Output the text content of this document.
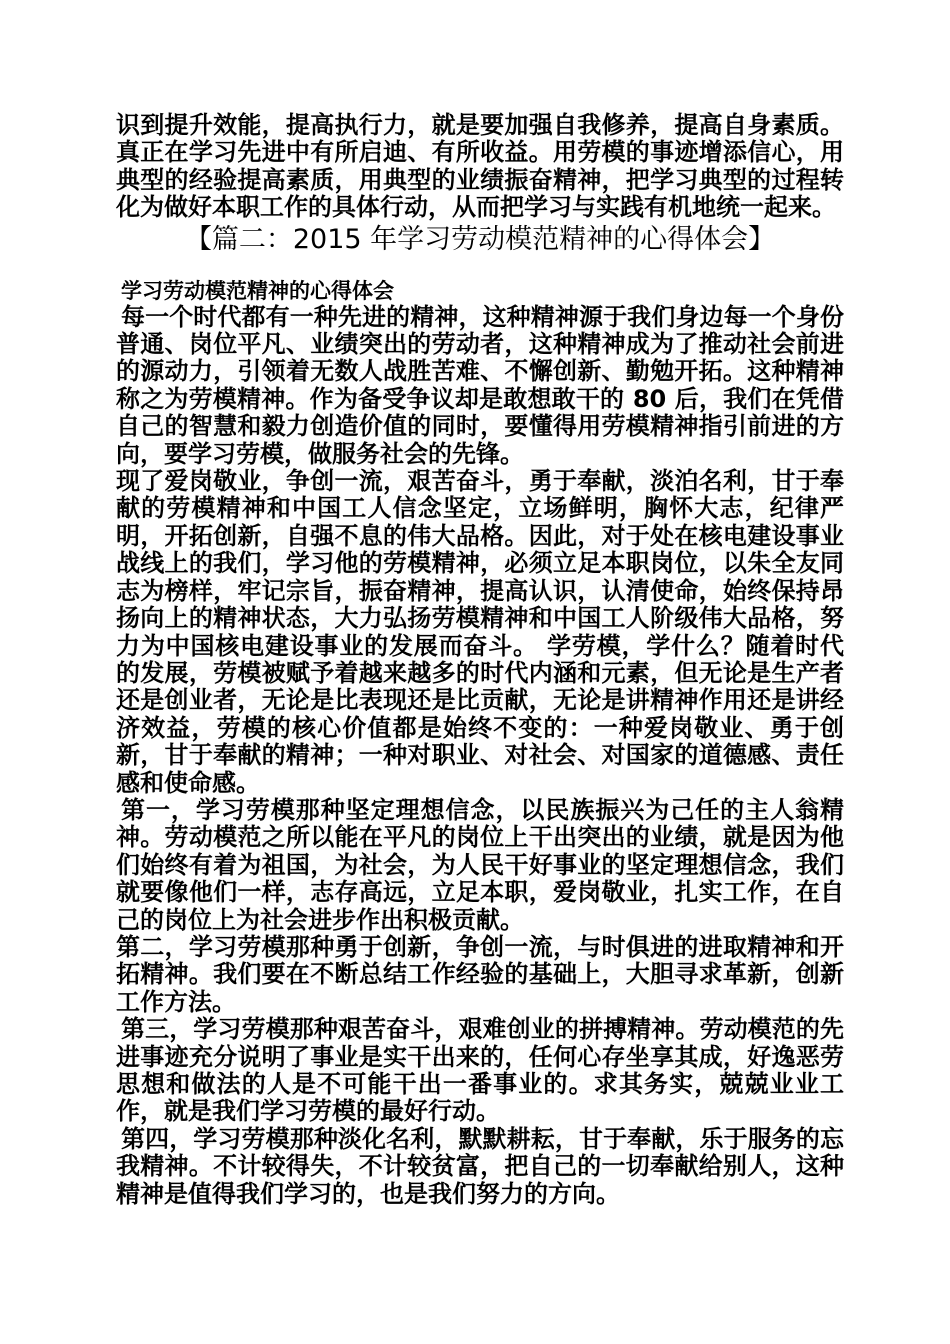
识到提升效能，提高执行力，就是要加强自我修养，提高自身素质。真正在学习先进中有所启迪、有所收益。用劳模的事迹增添信心，用典型的经验提高素质，用典型的业绩振奋精神，把学习典型的过程转化为做好本职工作的具体行动，从而把学习与实践有机地统一起来。

【篇二：2015 年学习劳动模范精神的心得体会】
学习劳动模范精神的心得体会

每一个时代都有一种先进的精神，这种精神源于我们身边每一个身份普通、岗位平凡、业绩突出的劳动者，这种精神成为了推动社会前进的源动力，引领着无数人战胜苦难、不懈创新、勤勉开拓。这种精神称之为劳模精神。作为备受争议却是敢想敢干的 80 后，我们在凭借自己的智慧和毅力创造价值的同时，要懂得用劳模精神指引前进的方向，要学习劳模，做服务社会的先锋。

现了爱岗敬业，争创一流，艰苦奋斗，勇于奉献，淡泊名利，甘于奉献的劳模精神和中国工人信念坚定，立场鲜明，胸怀大志，纪律严明，开拓创新，自强不息的伟大品格。因此，对于处在核电建设事业战线上的我们，学习他的劳模精神，必须立足本职岗位，以朱全友同志为榜样，牢记宗旨，振奋精神，提高认识，认清使命，始终保持昂扬向上的精神状态，大力弘扬劳模精神和中国工人阶级伟大品格，努力为中国核电建设事业的发展而奋斗。 学劳模，学什么？随着时代的发展，劳模被赋予着越来越多的时代内涵和元素，但无论是生产者还是创业者，无论是比表现还是比贡献，无论是讲精神作用还是讲经济效益，劳模的核心价值都是始终不变的：一种爱岗敬业、勇于创新，甘于奉献的精神；一种对职业、对社会、对国家的道德感、责任感和使命感。

第一，学习劳模那种坚定理想信念，以民族振兴为己任的主人翁精神。劳动模范之所以能在平凡的岗位上干出突出的业绩，就是因为他们始终有着为祖国，为社会，为人民干好事业的坚定理想信念，我们就要像他们一样，志存高远，立足本职，爱岗敬业，扎实工作，在自己的岗位上为社会进步作出积极贡献。

第二，学习劳模那种勇于创新，争创一流，与时俱进的进取精神和开拓精神。我们要在不断总结工作经验的基础上，大胆寻求革新，创新工作方法。

第三，学习劳模那种艰苦奋斗，艰难创业的拼搏精神。劳动模范的先进事迹充分说明了事业是实干出来的，任何心存坐享其成，好逸恶劳思想和做法的人是不可能干出一番事业的。求其务实，兢兢业业工作，就是我们学习劳模的最好行动。

第四，学习劳模那种淡化名利，默默耕耘，甘于奉献，乐于服务的忘我精神。不计较得失，不计较贫富，把自己的一切奉献给别人，这种精神是值得我们学习的，也是我们努力的方向。
